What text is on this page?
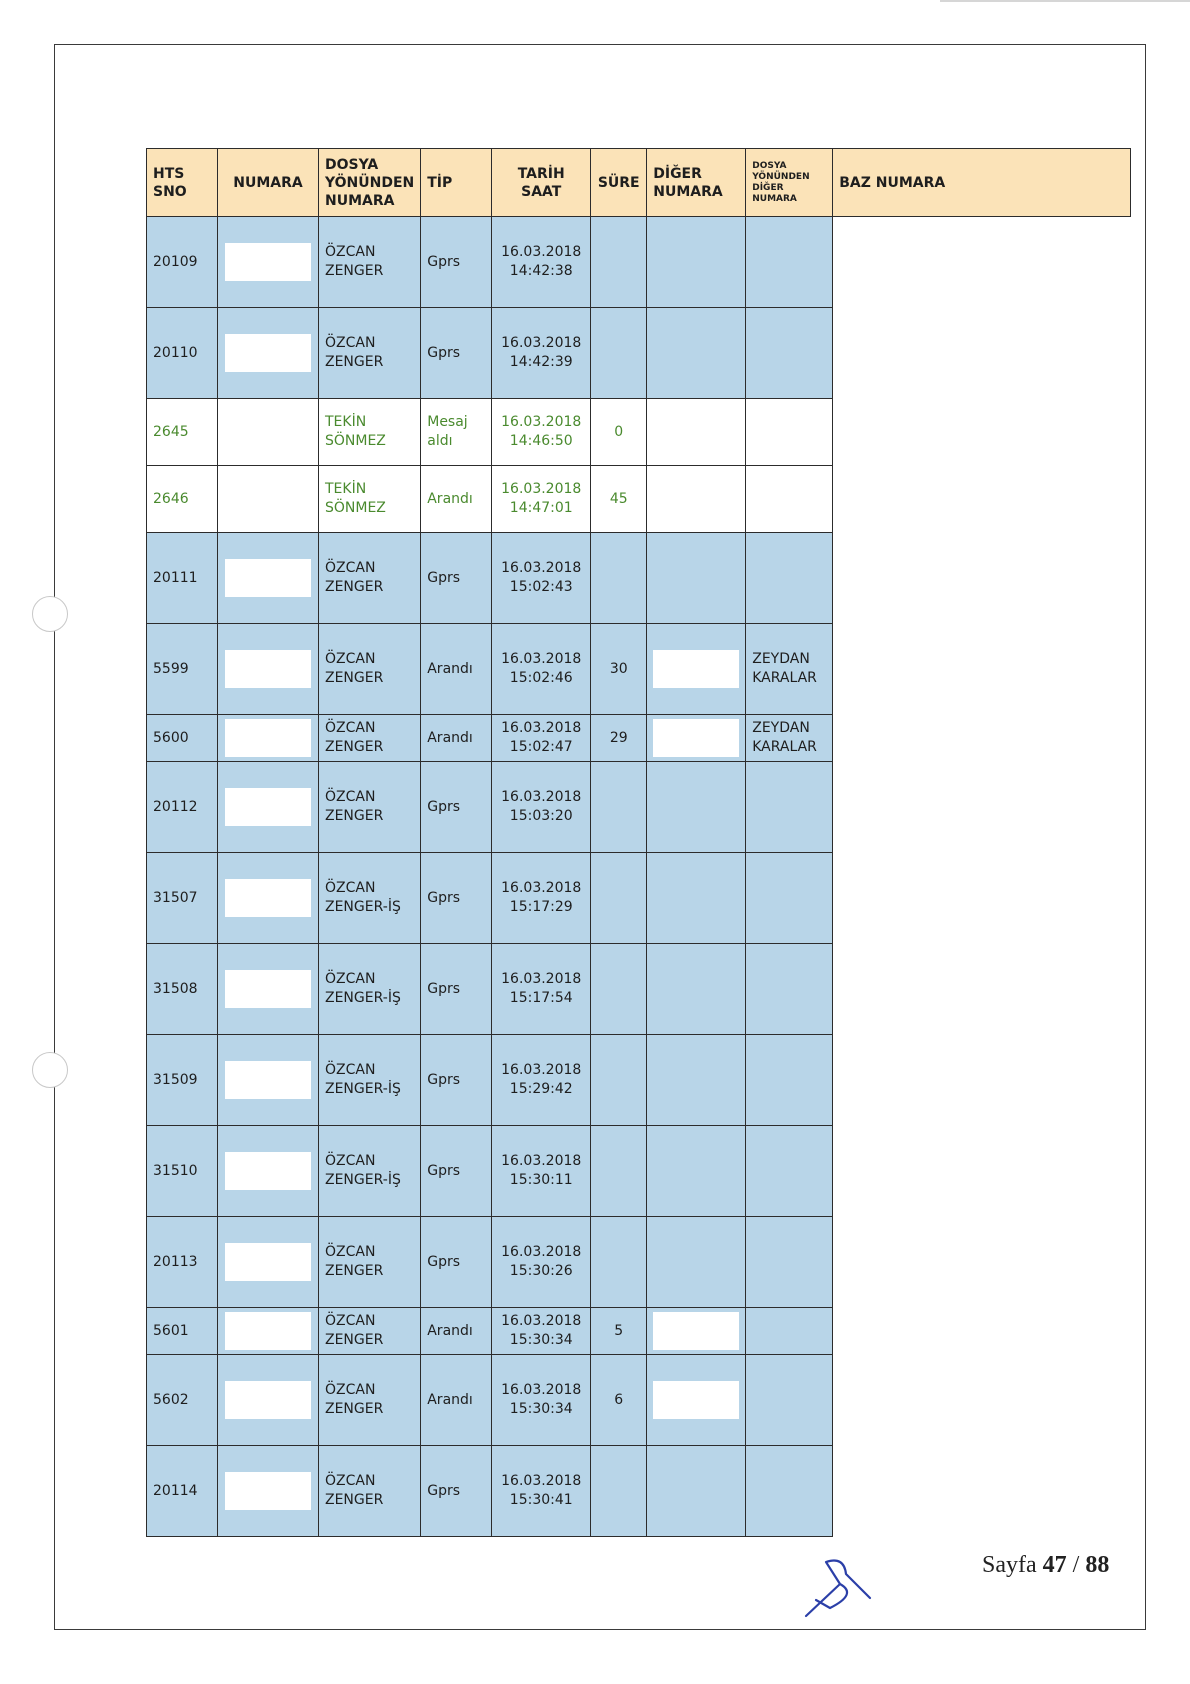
HTS SNO	NUMARA	DOSYA YÖNÜNDEN NUMARA	TİP	TARİH SAAT	SÜRE	DİĞER NUMARA	DOSYA YÖNÜNDEN DİĞER NUMARA	BAZ NUMARA
20109		ÖZCAN ZENGER	Gprs	16.03.2018 14:42:38				
20110		ÖZCAN ZENGER	Gprs	16.03.2018 14:42:39				
2645		TEKİN SÖNMEZ	Mesaj aldı	16.03.2018 14:46:50	0			
2646		TEKİN SÖNMEZ	Arandı	16.03.2018 14:47:01	45			
20111		ÖZCAN ZENGER	Gprs	16.03.2018 15:02:43				
5599		ÖZCAN ZENGER	Arandı	16.03.2018 15:02:46	30		ZEYDAN KARALAR	
5600		ÖZCAN ZENGER	Arandı	16.03.2018 15:02:47	29		ZEYDAN KARALAR	
20112		ÖZCAN ZENGER	Gprs	16.03.2018 15:03:20				
31507		ÖZCAN ZENGER-İŞ	Gprs	16.03.2018 15:17:29				
31508		ÖZCAN ZENGER-İŞ	Gprs	16.03.2018 15:17:54				
31509		ÖZCAN ZENGER-İŞ	Gprs	16.03.2018 15:29:42				
31510		ÖZCAN ZENGER-İŞ	Gprs	16.03.2018 15:30:11				
20113		ÖZCAN ZENGER	Gprs	16.03.2018 15:30:26				
5601		ÖZCAN ZENGER	Arandı	16.03.2018 15:30:34	5	

5602		ÖZCAN ZENGER	Arandı	16.03.2018 15:30:34	6	

20114		ÖZCAN ZENGER	Gprs	16.03.2018 15:30:41				
Sayfa 47 / 88
